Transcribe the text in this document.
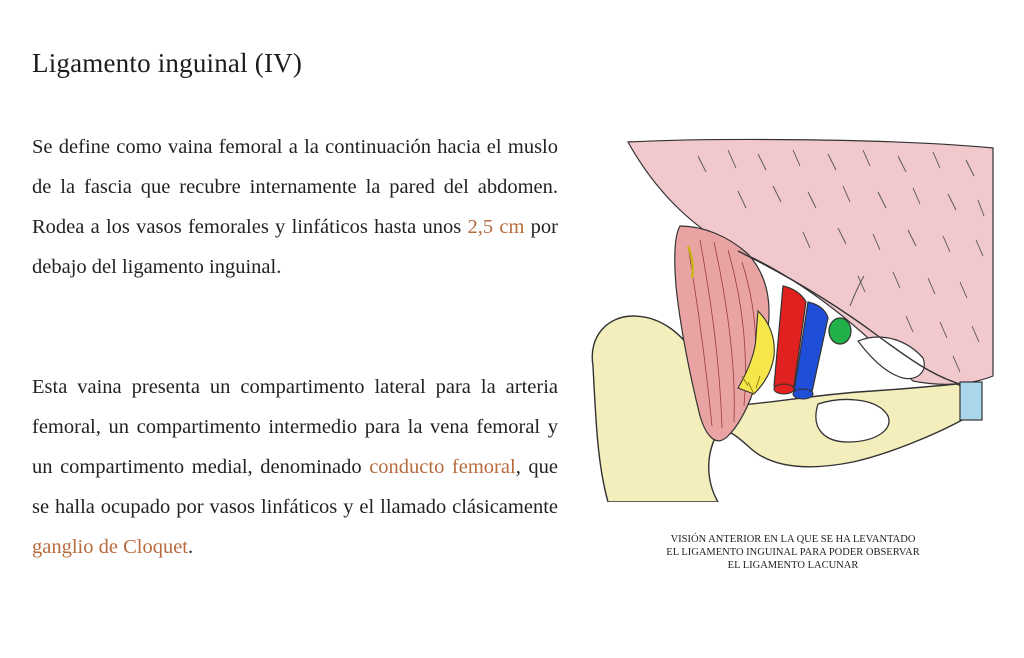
Ligamento inguinal (IV)

Se define como vaina femoral a la continuación hacia el muslo de la fascia que recubre internamente la pared del abdomen. Rodea a los vasos femorales y linfáticos hasta unos 2,5 cm por debajo del ligamento inguinal.

Esta vaina presenta un compartimento lateral para la arteria femoral, un compartimento intermedio para la vena femoral y un compartimento medial, denominado conducto femoral, que se halla ocupado por vasos linfáticos y el llamado clásicamente ganglio de Cloquet.	VISIÓN ANTERIOR EN LA QUE SE HA LEVANTADO
EL LIGAMENTO INGUINAL PARA PODER OBSERVAR
EL LIGAMENTO LACUNAR
